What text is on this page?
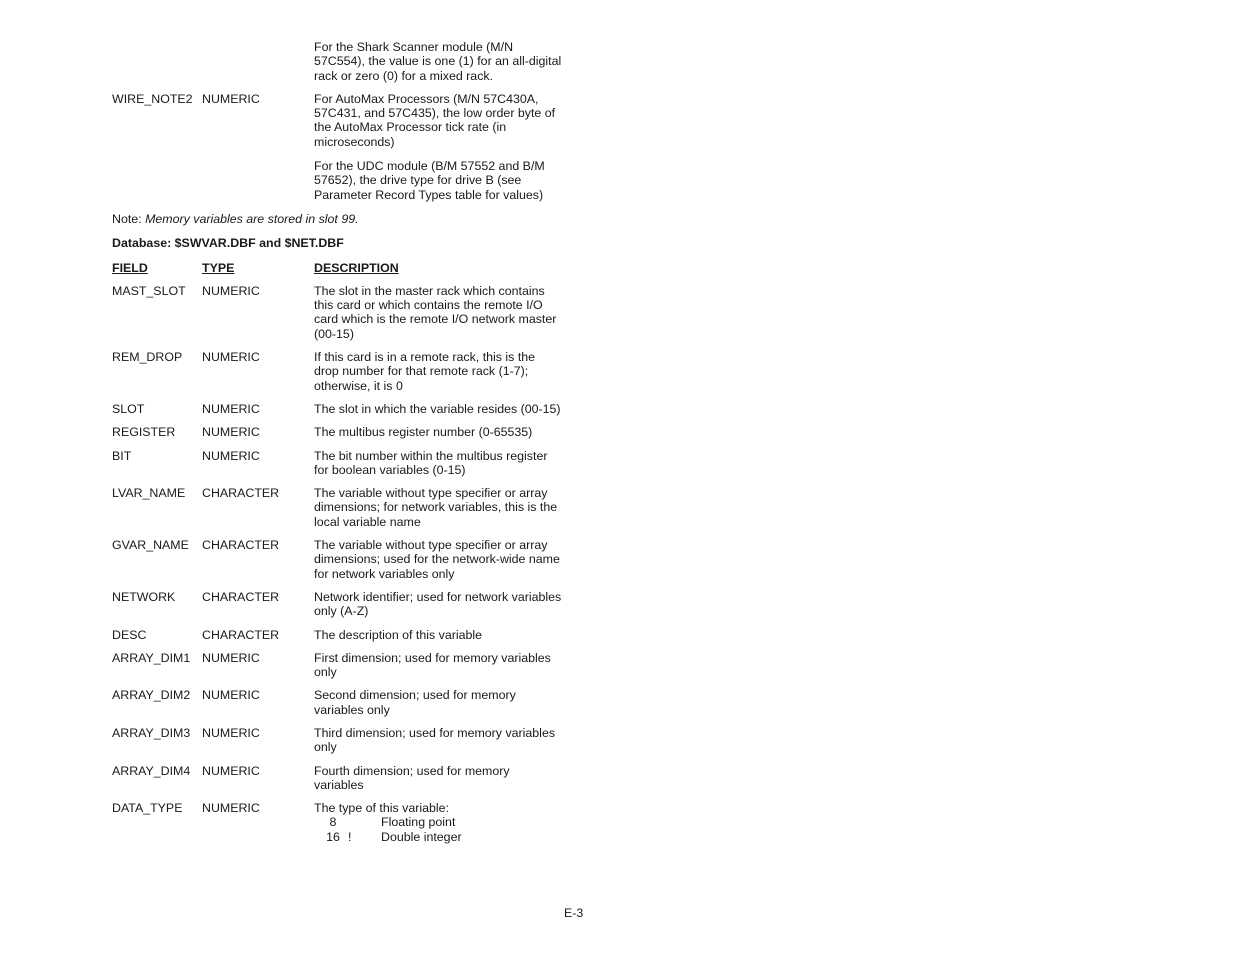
For the Shark Scanner module (M/N 57C554), the value is one (1) for an all-digital rack or zero (0) for a mixed rack.

WIRE_NOTE2 NUMERIC	For AutoMax Processors (M/N 57C430A, 57C431, and 57C435), the low order byte of the AutoMax Processor tick rate (in microseconds)

For the UDC module (B/M 57552 and B/M 57652), the drive type for drive B (see Parameter Record Types table for values)

Note: Memory variables are stored in slot 99.

Database: $SWVAR.DBF and $NET.DBF

FIELD	TYPE	DESCRIPTION
MAST_SLOT	NUMERIC	The slot in the master rack which contains this card or which contains the remote I/O card which is the remote I/O network master (00-15)

REM_DROP	NUMERIC	If this card is in a remote rack, this is the drop number for that remote rack (1-7); otherwise, it is 0

SLOT	NUMERIC	The slot in which the variable resides (00-15)

REGISTER	NUMERIC	The multibus register number (0-65535)

BIT	NUMERIC	The bit number within the multibus register for boolean variables (0-15)

LVAR_NAME	CHARACTER	The variable without type specifier or array dimensions; for network variables, this is the local variable name

GVAR_NAME	CHARACTER	The variable without type specifier or array dimensions; used for the network-wide name for network variables only

NETWORK	CHARACTER	Network identifier; used for network variables only (A-Z)

DESC	CHARACTER	The description of this variable

ARRAY_DIM1 NUMERIC	First dimension; used for memory variables only

ARRAY_DIM2 NUMERIC	Second dimension; used for memory variables only

ARRAY_DIM3 NUMERIC	Third dimension; used for memory variables only

ARRAY_DIM4 NUMERIC	Fourth dimension; used for memory variables

DATA_TYPE	NUMERIC	The type of this variable:

8	Floating point
16 ! Double integer
E-3
